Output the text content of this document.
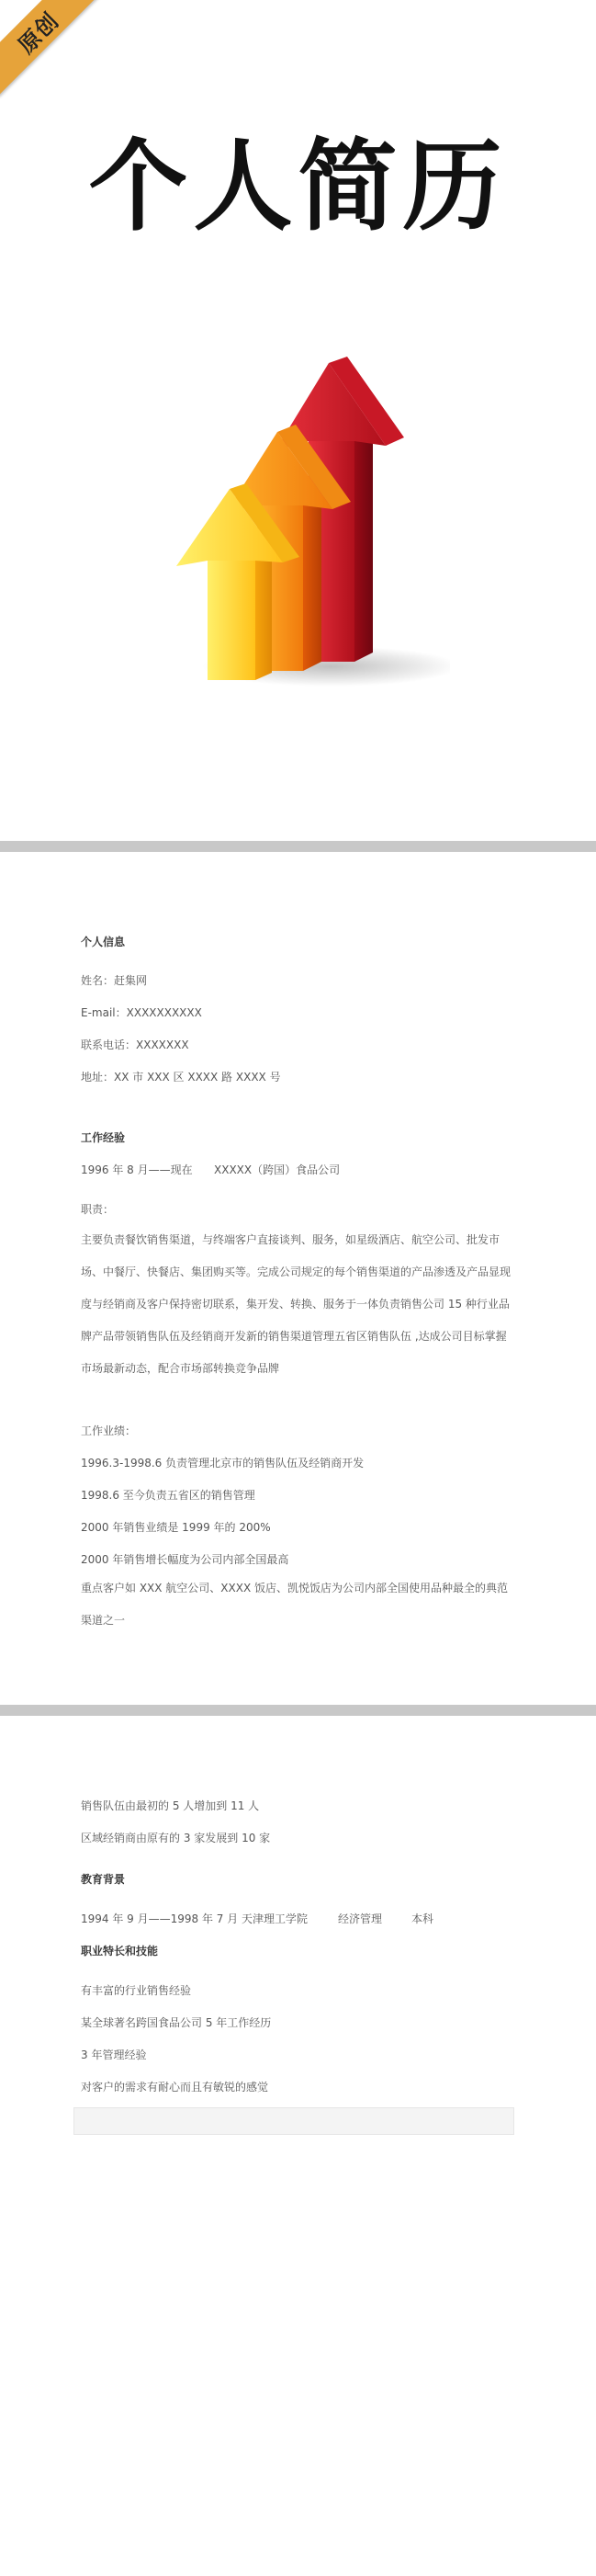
原创
个人简历
个人信息
姓名：赶集网
E-mail：XXXXXXXXXX
联系电话：XXXXXXX
地址：XX 市 XXX 区 XXXX 路 XXXX 号
工作经验
1996 年 8 月——现在 XXXXX（跨国）食品公司
职责：
主要负责餐饮销售渠道，与终端客户直接谈判、服务，如星级酒店、航空公司、批发市场、中餐厅、快餐店、集团购买等。完成公司规定的每个销售渠道的产品渗透及产品显现度与经销商及客户保持密切联系，集开发、转换、服务于一体负责销售公司 15 种行业品牌产品带领销售队伍及经销商开发新的销售渠道管理五省区销售队伍 ,达成公司目标掌握市场最新动态，配合市场部转换竞争品牌
工作业绩：
1996.3-1998.6 负责管理北京市的销售队伍及经销商开发
1998.6 至今负责五省区的销售管理
2000 年销售业绩是 1999 年的 200%
2000 年销售增长幅度为公司内部全国最高
重点客户如 XXX 航空公司、XXXX 饭店、凯悦饭店为公司内部全国使用品种最全的典范渠道之一
销售队伍由最初的 5 人增加到 11 人
区域经销商由原有的 3 家发展到 10 家
教育背景
1994 年 9 月——1998 年 7 月 天津理工学院	经济管理	本科
职业特长和技能
有丰富的行业销售经验
某全球著名跨国食品公司 5 年工作经历
3 年管理经验
对客户的需求有耐心而且有敏锐的感觉
